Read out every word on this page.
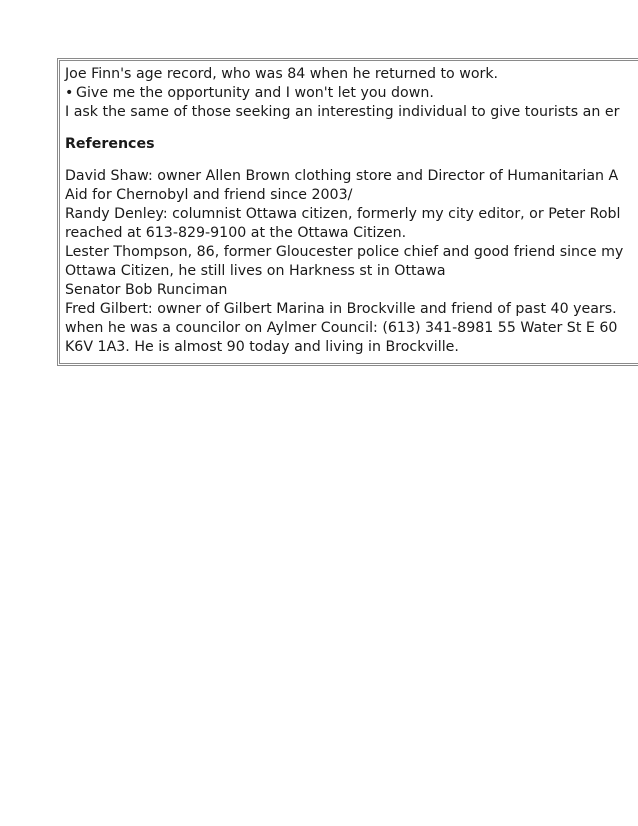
Joe Finn's age record, who was 84 when he returned to work.
• Give me the opportunity and I won't let you down.
I ask the same of those seeking an interesting individual to give tourists an er
References
David Shaw: owner Allen Brown clothing store and Director of Humanitarian A
Aid for Chernobyl and friend since 2003/
Randy Denley: columnist Ottawa citizen, formerly my city editor, or Peter Robl
reached at 613-829-9100 at the Ottawa Citizen.
Lester Thompson, 86, former Gloucester police chief and good friend since my
Ottawa Citizen, he still lives on Harkness st in Ottawa
Senator Bob Runciman
Fred Gilbert: owner of Gilbert Marina in Brockville and friend of past 40 years.
when he was a councilor on Aylmer Council: (613) 341-8981 55 Water St E 60
K6V 1A3. He is almost 90 today and living in Brockville.
